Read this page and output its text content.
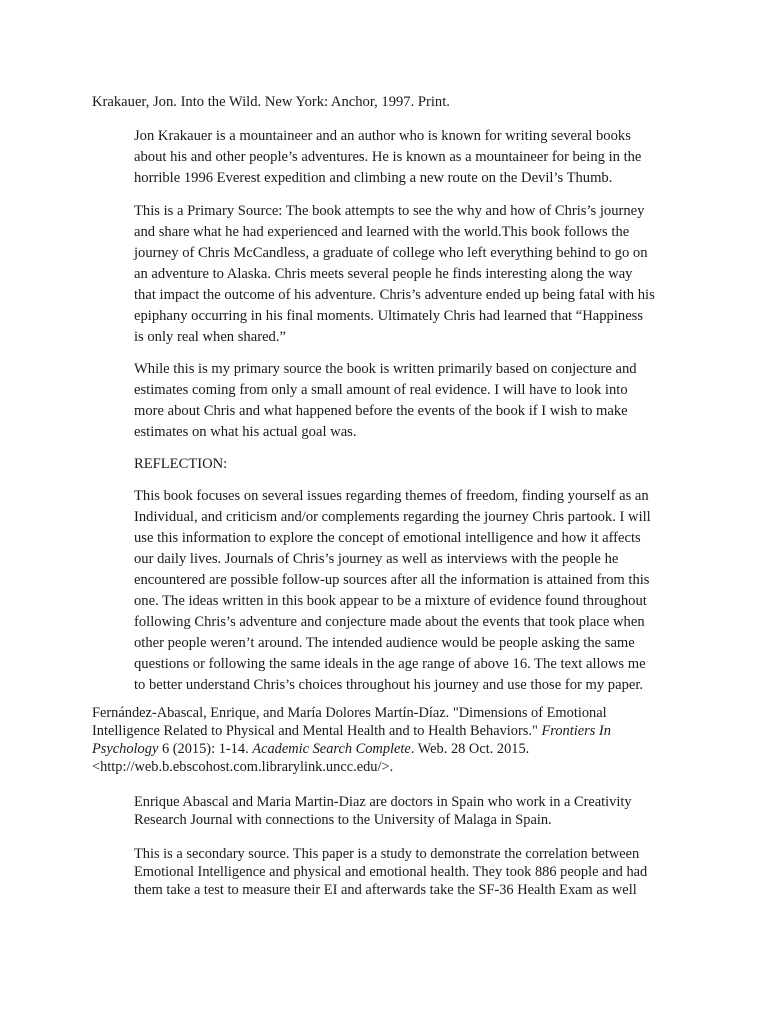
Krakauer, Jon. Into the Wild. New York: Anchor, 1997. Print.

Jon Krakauer is a mountaineer and an author who is known for writing several books about his and other people’s adventures. He is known as a mountaineer for being in the horrible 1996 Everest expedition and climbing a new route on the Devil’s Thumb.

This is a Primary Source: The book attempts to see the why and how of Chris’s journey and share what he had experienced and learned with the world.This book follows the journey of Chris McCandless, a graduate of college who left everything behind to go on an adventure to Alaska. Chris meets several people he finds interesting along the way that impact the outcome of his adventure. Chris’s adventure ended up being fatal with his epiphany occurring in his final moments. Ultimately Chris had learned that “Happiness is only real when shared.”

While this is my primary source the book is written primarily based on conjecture and estimates coming from only a small amount of real evidence. I will have to look into more about Chris and what happened before the events of the book if I wish to make estimates on what his actual goal was.

REFLECTION:

This book focuses on several issues regarding themes of freedom, finding yourself as an Individual, and criticism and/or complements regarding the journey Chris partook. I will use this information to explore the concept of emotional intelligence and how it affects our daily lives. Journals of Chris’s journey as well as interviews with the people he encountered are possible follow-up sources after all the information is attained from this one. The ideas written in this book appear to be a mixture of evidence found throughout following Chris’s adventure and conjecture made about the events that took place when other people weren’t around. The intended audience would be people asking the same questions or following the same ideals in the age range of above 16. The text allows me to better understand Chris’s choices throughout his journey and use those for my paper.

Fernández-Abascal, Enrique, and María Dolores Martín-Díaz. "Dimensions of Emotional Intelligence Related to Physical and Mental Health and to Health Behaviors." Frontiers In Psychology 6 (2015): 1-14. Academic Search Complete. Web. 28 Oct. 2015. <http://web.b.ebscohost.com.librarylink.uncc.edu/>.

Enrique Abascal and Maria Martin-Diaz are doctors in Spain who work in a Creativity Research Journal with connections to the University of Malaga in Spain.

This is a secondary source. This paper is a study to demonstrate the correlation between Emotional Intelligence and physical and emotional health. They took 886 people and had them take a test to measure their EI and afterwards take the SF-36 Health Exam as well
